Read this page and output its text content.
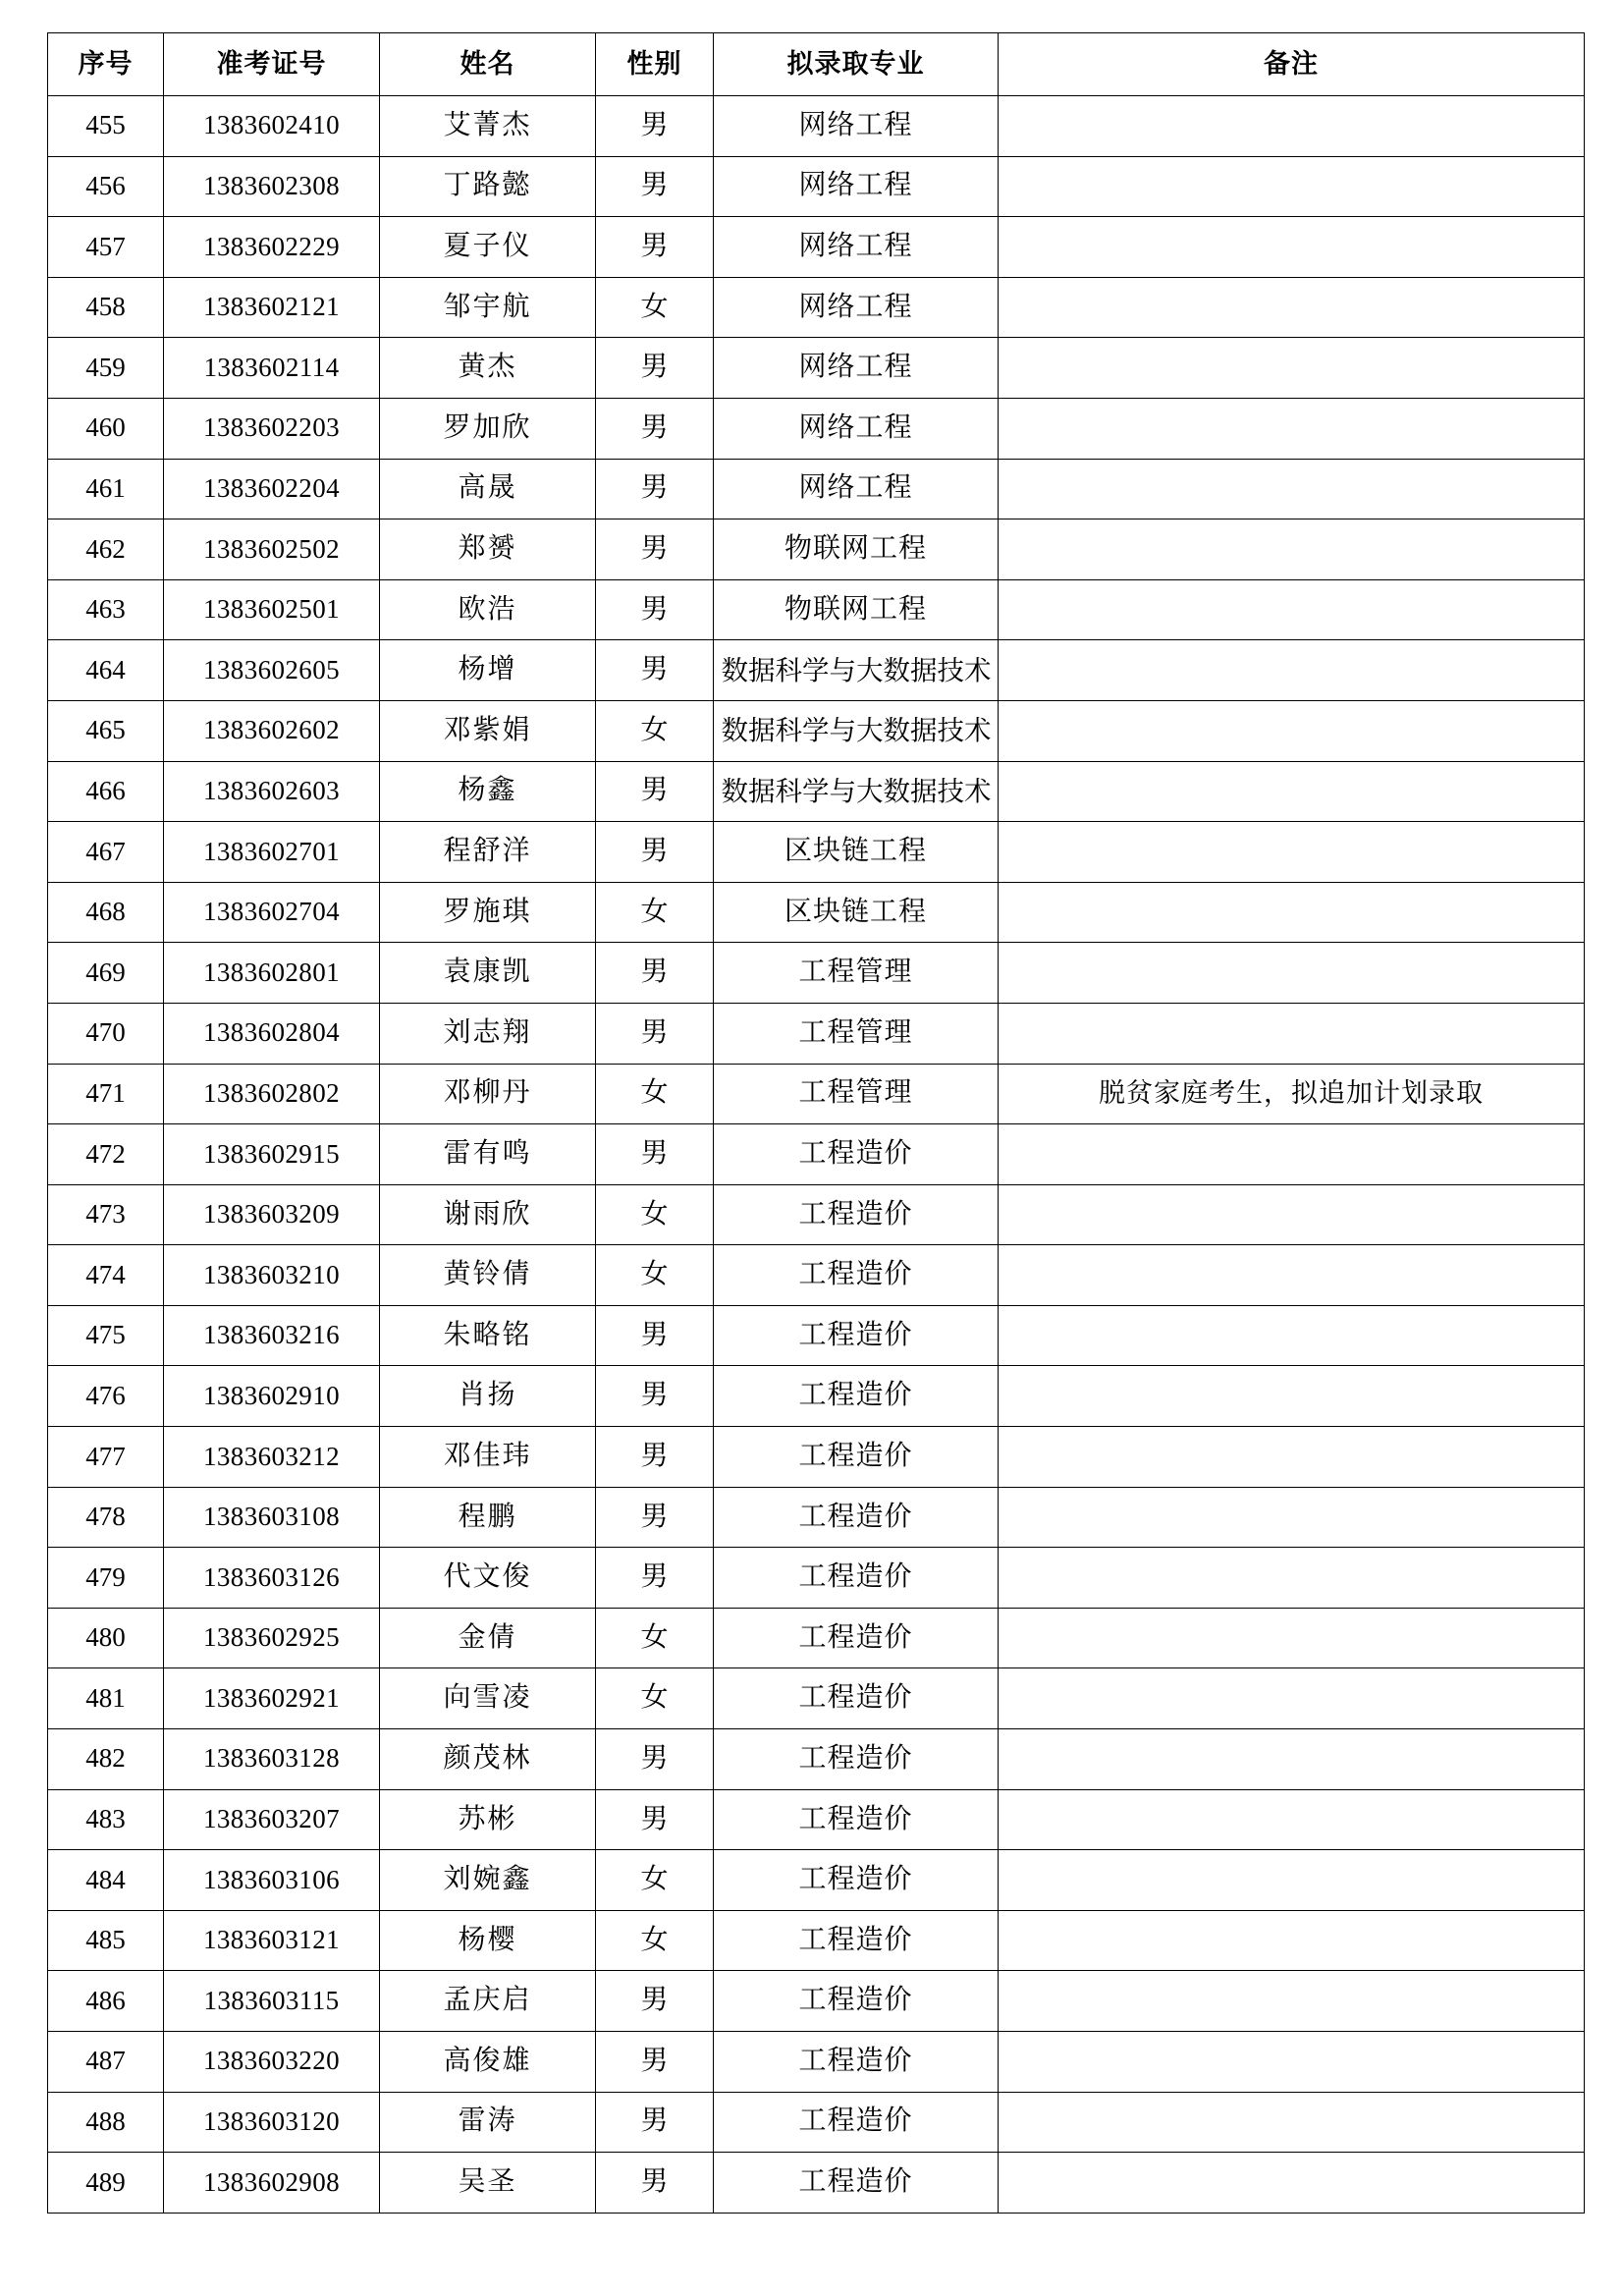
序号	准考证号	姓名	性别	拟录取专业	备注
455	1383602410	艾菁杰	男	网络工程	
456	1383602308	丁路懿	男	网络工程	
457	1383602229	夏子仪	男	网络工程	
458	1383602121	邹宇航	女	网络工程	
459	1383602114	黄杰	男	网络工程	
460	1383602203	罗加欣	男	网络工程	
461	1383602204	高晟	男	网络工程	
462	1383602502	郑赟	男	物联网工程	
463	1383602501	欧浩	男	物联网工程	
464	1383602605	杨增	男	数据科学与大数据技术	
465	1383602602	邓紫娟	女	数据科学与大数据技术	
466	1383602603	杨鑫	男	数据科学与大数据技术	
467	1383602701	程舒洋	男	区块链工程	
468	1383602704	罗施琪	女	区块链工程	
469	1383602801	袁康凯	男	工程管理	
470	1383602804	刘志翔	男	工程管理	
471	1383602802	邓柳丹	女	工程管理	脱贫家庭考生，拟追加计划录取
472	1383602915	雷有鸣	男	工程造价	
473	1383603209	谢雨欣	女	工程造价	
474	1383603210	黄铃倩	女	工程造价	
475	1383603216	朱略铭	男	工程造价	
476	1383602910	肖扬	男	工程造价	
477	1383603212	邓佳玮	男	工程造价	
478	1383603108	程鹏	男	工程造价	
479	1383603126	代文俊	男	工程造价	
480	1383602925	金倩	女	工程造价	
481	1383602921	向雪凌	女	工程造价	
482	1383603128	颜茂林	男	工程造价	
483	1383603207	苏彬	男	工程造价	
484	1383603106	刘婉鑫	女	工程造价	
485	1383603121	杨樱	女	工程造价	
486	1383603115	孟庆启	男	工程造价	
487	1383603220	高俊雄	男	工程造价	
488	1383603120	雷涛	男	工程造价	
489	1383602908	吴圣	男	工程造价	
